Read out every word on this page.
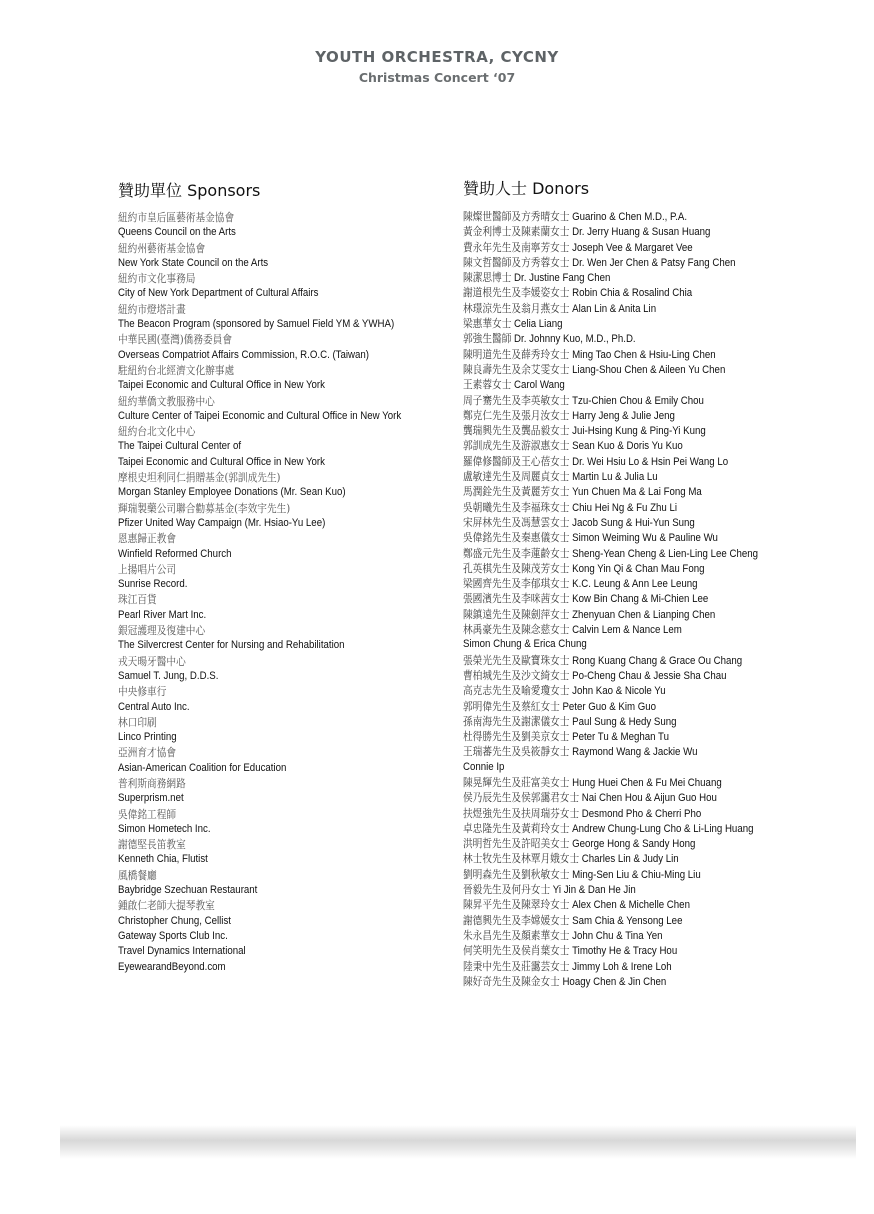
YOUTH ORCHESTRA, CYCNY
Christmas Concert ‘07
贊助單位 Sponsors	贊助人士 Donors
紐約市皇后區藝術基金協會
Queens Council on the Arts
紐約州藝術基金協會
New York State Council on the Arts
紐約市文化事務局
City of New York Department of Cultural Affairs
紐約市燈塔計畫
The Beacon Program (sponsored by Samuel Field YM & YWHA)
中華民國(臺灣)僑務委員會
Overseas Compatriot Affairs Commission, R.O.C. (Taiwan)
駐紐約台北經濟文化辦事處
Taipei Economic and Cultural Office in New York
紐約華僑文教服務中心
Culture Center of Taipei Economic and Cultural Office in New York
紐約台北文化中心
The Taipei Cultural Center of
Taipei Economic and Cultural Office in New York
摩根史坦利同仁捐贈基金(郭訓成先生)
Morgan Stanley Employee Donations (Mr. Sean Kuo)
輝瑞製藥公司聯合勸募基金(李效宇先生)
Pfizer United Way Campaign (Mr. Hsiao-Yu Lee)
恩惠歸正教會
Winfield Reformed Church
上揚唱片公司
Sunrise Record.
珠江百貨
Pearl River Mart Inc.
銀冠護理及復建中心
The Silvercrest Center for Nursing and Rehabilitation
戎天暘牙醫中心
Samuel T. Jung, D.D.S.
中央修車行
Central Auto Inc.
林口印刷
Linco Printing
亞洲育才協會
Asian-American Coalition for Education
普利斯商務網路
Superprism.net
吳偉銘工程師
Simon Hometech Inc.
謝德堅長笛教室
Kenneth Chia, Flutist
風橋餐廳
Baybridge Szechuan Restaurant
鍾啟仁老師大提琴教室
Christopher Chung, Cellist
Gateway Sports Club Inc.
Travel Dynamics International
EyewearandBeyond.com
陳燦世醫師及方秀晴女士 Guarino & Chen M.D., P.A.
黃金利博士及陳素蘭女士 Dr. Jerry Huang & Susan Huang
費永年先生及南寧芳女士 Joseph Vee & Margaret Vee
陳文哲醫師及方秀蓉女士 Dr. Wen Jer Chen & Patsy Fang Chen
陳潔思博士 Dr. Justine Fang Chen
謝道根先生及李媛姿女士 Robin Chia & Rosalind Chia
林璟涼先生及翁月燕女士 Alan Lin & Anita Lin
梁惠華女士 Celia Liang
郭強生醫師 Dr. Johnny Kuo, M.D., Ph.D.
陳明道先生及薛秀玲女士 Ming Tao Chen & Hsiu-Ling Chen
陳良壽先生及余艾雯女士 Liang-Shou Chen & Aileen Yu Chen
王素蓉女士 Carol Wang
周子騫先生及李英敏女士 Tzu-Chien Chou & Emily Chou
鄭克仁先生及張月汝女士 Harry Jeng & Julie Jeng
龔瑞興先生及龔品毅女士 Jui-Hsing Kung & Ping-Yi Kung
郭訓成先生及游淑惠女士 Sean Kuo & Doris Yu Kuo
羅偉修醫師及王心蓓女士 Dr. Wei Hsiu Lo & Hsin Pei Wang Lo
盧敏達先生及周麗貞女士 Martin Lu & Julia Lu
馬潤銓先生及黃麗芳女士 Yun Chuen Ma & Lai Fong Ma
吳朝曦先生及李福珠女士 Chiu Hei Ng & Fu Zhu Li
宋屏林先生及馮慧雲女士 Jacob Sung & Hui-Yun Sung
吳偉銘先生及秦惠儀女士 Simon Weiming Wu & Pauline Wu
鄭盛元先生及李蓮齡女士 Sheng-Yean Cheng & Lien-Ling Lee Cheng
孔英棋先生及陳茂芳女士 Kong Yin Qi & Chan Mau Fong
梁國齊先生及李郁琪女士 K.C. Leung & Ann Lee Leung
張國濱先生及李咪茜女士 Kow Bin Chang & Mi-Chien Lee
陳鎮遠先生及陳劍萍女士 Zhenyuan Chen & Lianping Chen
林禹豪先生及陳念慈女士 Calvin Lem & Nance Lem
Simon Chung & Erica Chung
張榮光先生及歐寶珠女士 Rong Kuang Chang & Grace Ou Chang
曹柏城先生及沙文綺女士 Po-Cheng Chau & Jessie Sha Chau
高克志先生及喻愛瓊女士 John Kao & Nicole Yu
郭明偉先生及蔡紅女士 Peter Guo & Kim Guo
孫南海先生及謝潔儀女士 Paul Sung & Hedy Sung
杜得勝先生及劉美京女士 Peter Tu & Meghan Tu
王瑞蕃先生及吳筱靜女士 Raymond Wang & Jackie Wu
Connie Ip
陳晃輝先生及莊富美女士 Hung Huei Chen & Fu Mei Chuang
侯乃辰先生及侯郭靄君女士 Nai Chen Hou & Aijun Guo Hou
扶煜強先生及扶周瑞芬女士 Desmond Pho & Cherri Pho
卓忠隆先生及黃莉玲女士 Andrew Chung-Lung Cho & Li-Ling Huang
洪明哲先生及許昭美女士 George Hong & Sandy Hong
林士牧先生及林覃月娥女士 Charles Lin & Judy Lin
劉明森先生及劉秋敏女士 Ming-Sen Liu & Chiu-Ming Liu
晉毅先生及何丹女士 Yi Jin & Dan He Jin
陳昇平先生及陳翠玲女士 Alex Chen & Michelle Chen
謝德興先生及李嫦媛女士 Sam Chia & Yensong Lee
朱永昌先生及顏素華女士 John Chu & Tina Yen
何笑明先生及侯肖葉女士 Timothy He & Tracy Hou
陸秉中先生及莊靄芸女士 Jimmy Loh & Irene Loh
陳好奇先生及陳金女士 Hoagy Chen & Jin Chen
